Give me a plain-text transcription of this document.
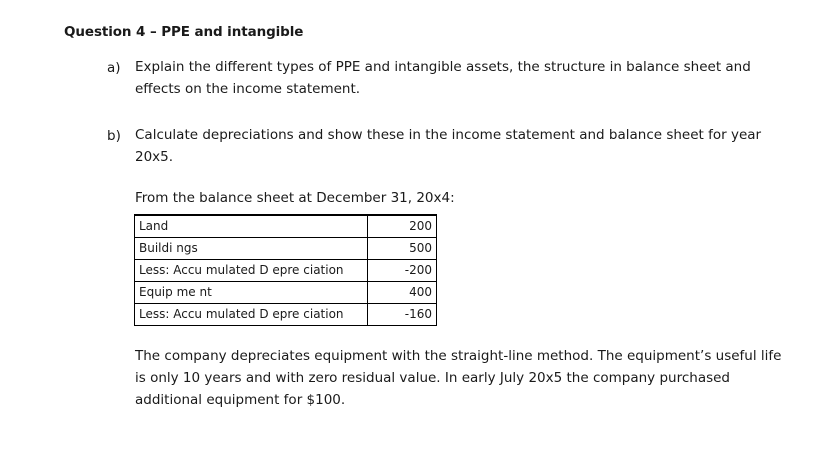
Question 4 – PPE and intangible
a) Explain the different types of PPE and intangible assets, the structure in balance sheet and
effects on the income statement.
b) Calculate depreciations and show these in the income statement and balance sheet for year
20x5.
From the balance sheet at December 31, 20x4:
Land	200
Buildi ngs	500
Less: Accu mulated D epre ciation	-200
Equip me nt	400
Less: Accu mulated D epre ciation	-160
The company depreciates equipment with the straight-line method. The equipment’s useful life
is only 10 years and with zero residual value. In early July 20x5 the company purchased
additional equipment for $100.
